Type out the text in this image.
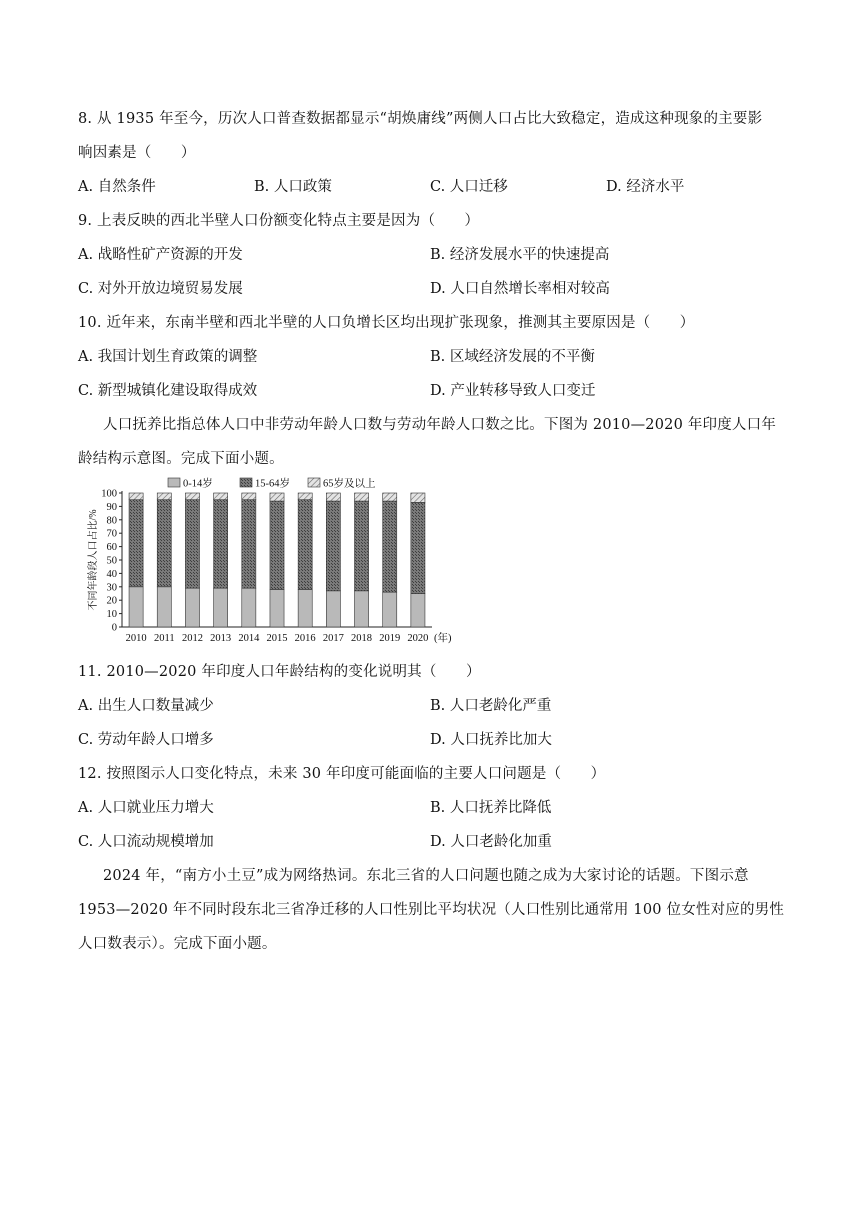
8. 从 1935 年至今，历次人口普查数据都显示“胡焕庸线”两侧人口占比大致稳定，造成这种现象的主要影
响因素是（　　）
A. 自然条件	B. 人口政策	C. 人口迁移	D. 经济水平
9. 上表反映的西北半壁人口份额变化特点主要是因为（　　）
A. 战略性矿产资源的开发	B. 经济发展水平的快速提高
C. 对外开放边境贸易发展	D. 人口自然增长率相对较高
10. 近年来，东南半壁和西北半壁的人口负增长区均出现扩张现象，推测其主要原因是（　　）
A. 我国计划生育政策的调整	B. 区域经济发展的不平衡
C. 新型城镇化建设取得成效	D. 产业转移导致人口变迁
人口抚养比指总体人口中非劳动年龄人口数与劳动年龄人口数之比。下图为 2010—2020 年印度人口年
龄结构示意图。完成下面小题。
0-14岁	15-64岁	65岁及以上
0
10
20
30
40
50
60
70
80
90
100
不同年龄段人口占比/%
2010 2011 2012 2013 2014 2015 2016 2017 2018 2019 2020 (年)
11. 2010—2020 年印度人口年龄结构的变化说明其（　　）
A. 出生人口数量减少	B. 人口老龄化严重
C. 劳动年龄人口增多	D. 人口抚养比加大
12. 按照图示人口变化特点，未来 30 年印度可能面临的主要人口问题是（　　）
A. 人口就业压力增大	B. 人口抚养比降低
C. 人口流动规模增加	D. 人口老龄化加重
2024 年，“南方小土豆”成为网络热词。东北三省的人口问题也随之成为大家讨论的话题。下图示意
1953—2020 年不同时段东北三省净迁移的人口性别比平均状况（人口性别比通常用 100 位女性对应的男性
人口数表示）。完成下面小题。
